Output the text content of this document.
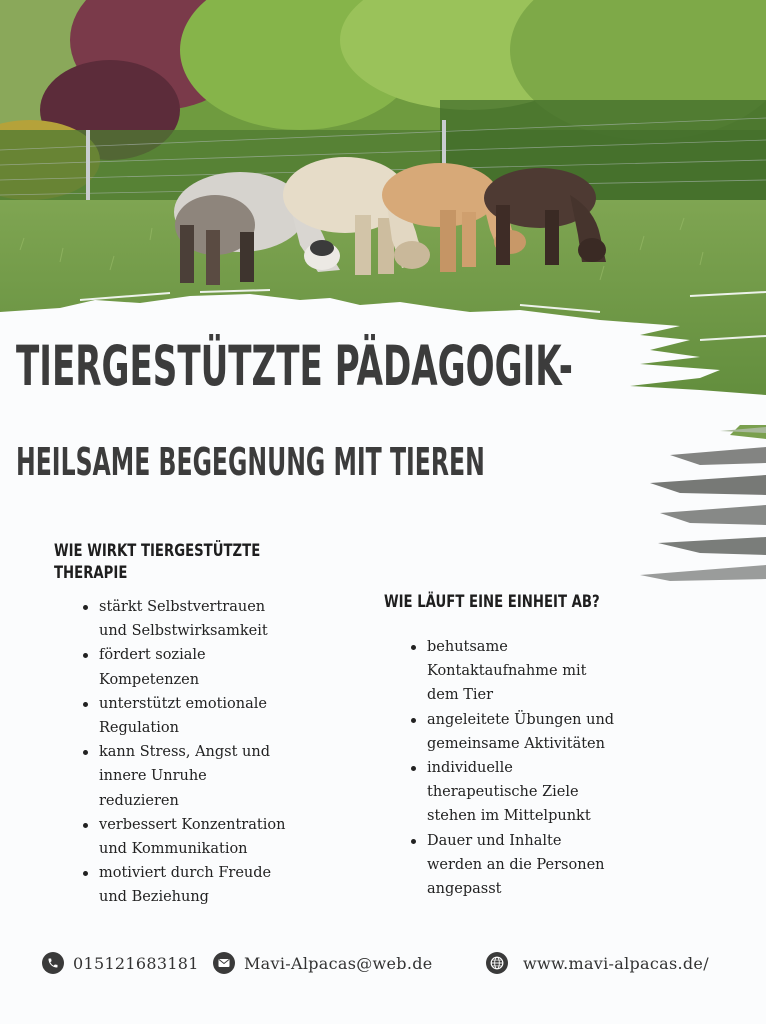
TIERGESTÜTZTE PÄDAGOGIK-
HEILSAME BEGEGNUNG MIT TIEREN
WIE WIRKT TIERGESTÜTZTE
THERAPIE
stärkt Selbstvertrauen
und Selbstwirksamkeit
fördert soziale
Kompetenzen
unterstützt emotionale
Regulation
kann Stress, Angst und
innere Unruhe
reduzieren
verbessert Konzentration
und Kommunikation
motiviert durch Freude
und Beziehung
WIE LÄUFT EINE EINHEIT AB?
behutsame
Kontaktaufnahme mit
dem Tier
angeleitete Übungen und
gemeinsame Aktivitäten
individuelle
therapeutische Ziele
stehen im Mittelpunkt
Dauer und Inhalte
werden an die Personen
angepasst
015121683181	Mavi-Alpacas@web.de	www.mavi-alpacas.de/
